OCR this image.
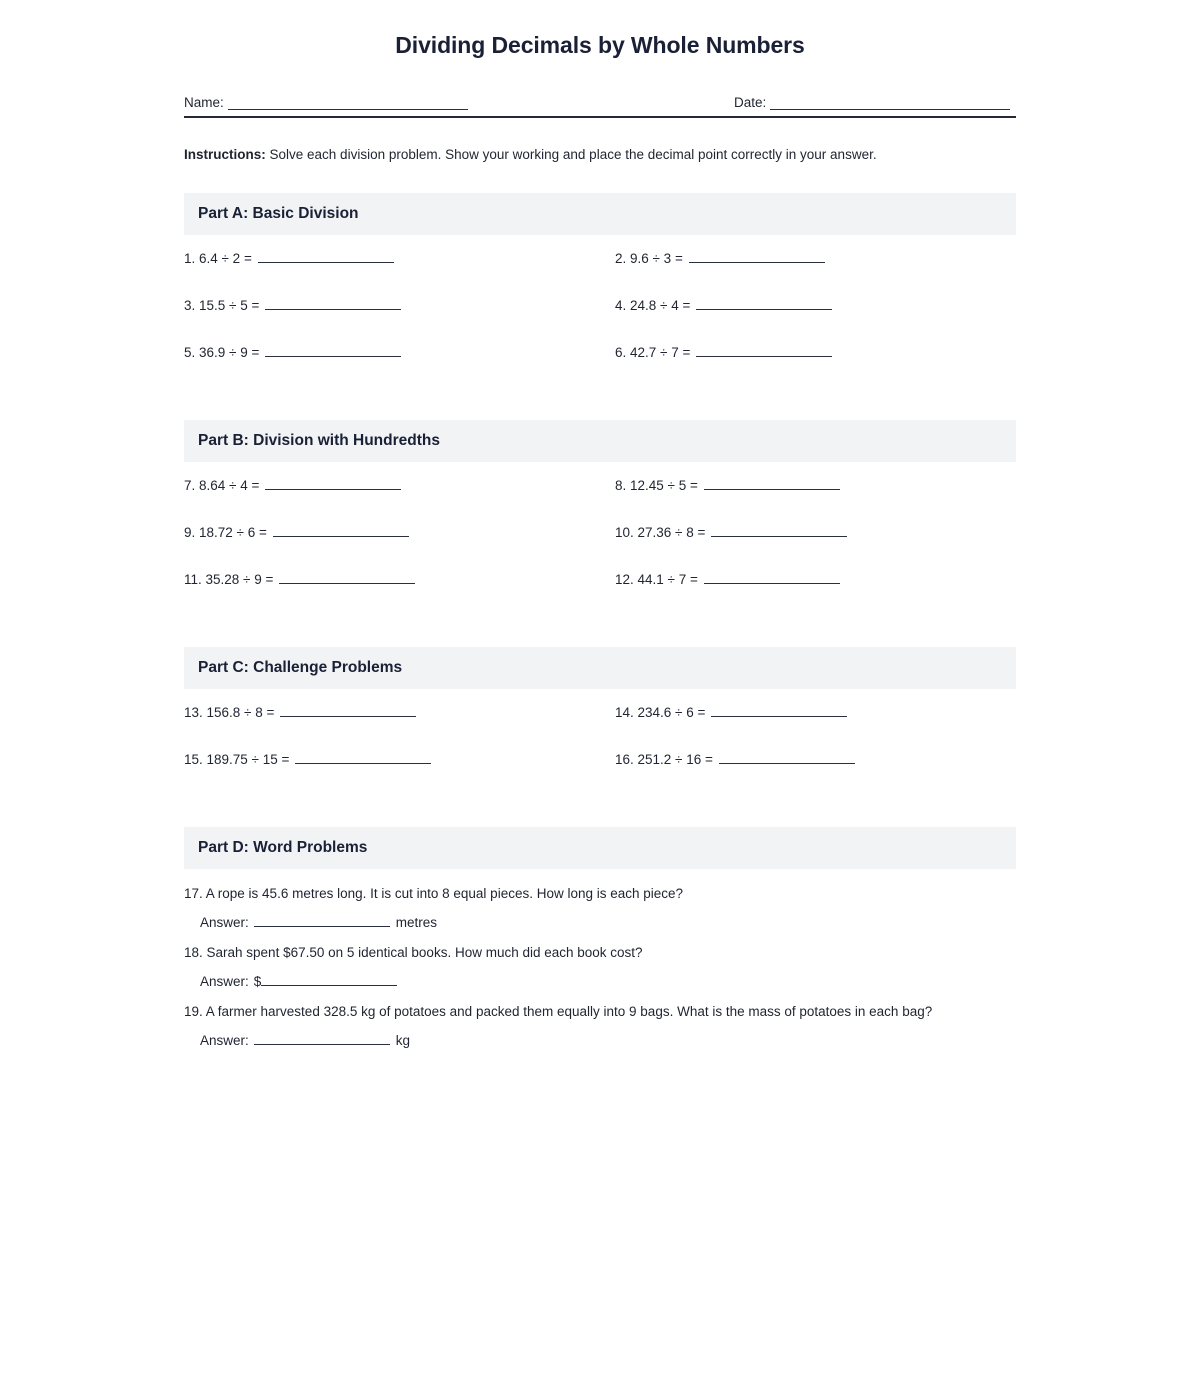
Dividing Decimals by Whole Numbers
Name:	Date:

Instructions: Solve each division problem. Show your working and place the decimal point correctly in your answer.

Part A: Basic Division
1. 6.4 ÷ 2 =	2. 9.6 ÷ 3 =
3. 15.5 ÷ 5 =	4. 24.8 ÷ 4 =
5. 36.9 ÷ 9 =	6. 42.7 ÷ 7 =
Part B: Division with Hundredths
7. 8.64 ÷ 4 =	8. 12.45 ÷ 5 =
9. 18.72 ÷ 6 =	10. 27.36 ÷ 8 =
11. 35.28 ÷ 9 =	12. 44.1 ÷ 7 =
Part C: Challenge Problems
13. 156.8 ÷ 8 =	14. 234.6 ÷ 6 =
15. 189.75 ÷ 15 =	16. 251.2 ÷ 16 =
Part D: Word Problems
17. A rope is 45.6 metres long. It is cut into 8 equal pieces. How long is each piece?
Answer:	metres
18. Sarah spent $67.50 on 5 identical books. How much did each book cost?
Answer: $
19. A farmer harvested 328.5 kg of potatoes and packed them equally into 9 bags. What is the mass of potatoes in each bag?
Answer:	kg
